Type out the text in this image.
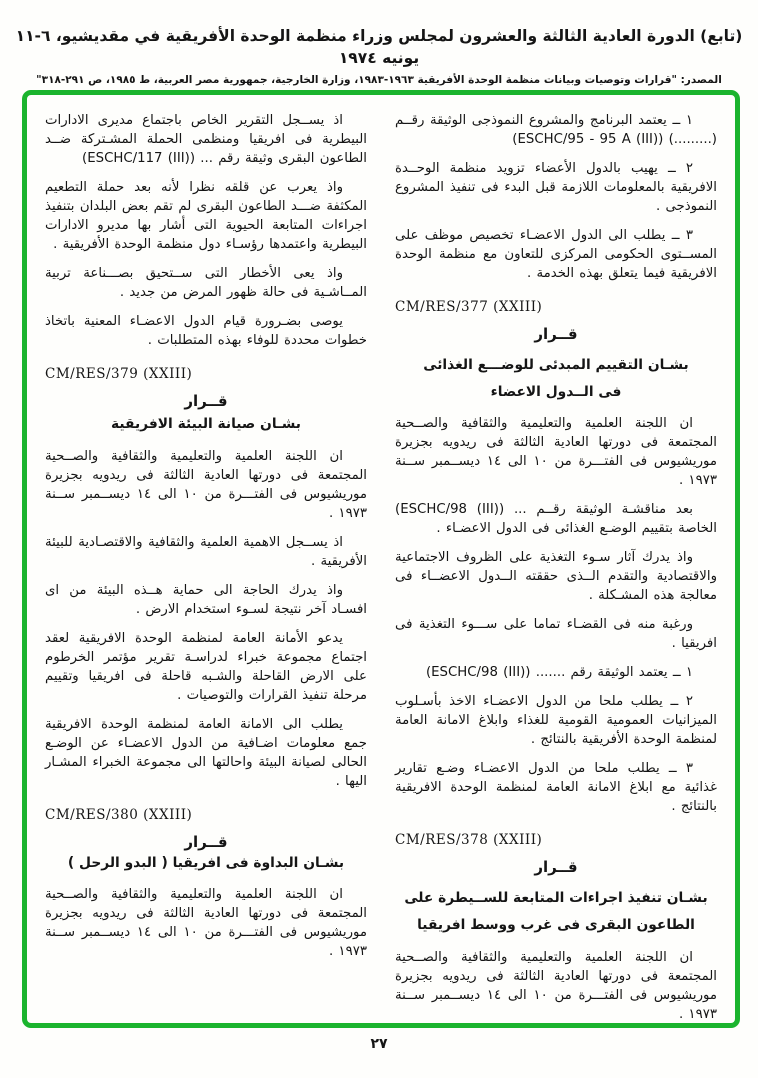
(تابع) الدورة العادية الثالثة والعشرون لمجلس وزراء منظمة الوحدة الأفريقية في مقديشيو، ٦-١١ يونيه ١٩٧٤
المصدر: "قرارات وتوصيات وبيانات منظمة الوحدة الأفريقية ١٩٦٣-١٩٨٣، وزارة الخارجية، جمهورية مصر العربية، ط ١٩٨٥، ص ٢٩١-٣١٨"

١ ــ يعتمد البرنامج والمشروع النموذجى الوثيقة رقــم (.........) ‎(ESCHC/95 - 95 A (III))‎

٢ ــ يهيب بالدول الأعضاء تزويد منظمة الوحــدة الافريقية بالمعلومات اللازمة قبل البدء فى تنفيذ المشروع النموذجى .

٣ ــ يطلب الى الدول الاعضـاء تخصيص موظف على المســتوى الحكومى المركزى للتعاون مع منظمة الوحدة الافريقية فيما يتعلق بهذه الخدمة .

CM/RES/377 (XXIII)

قــرار
بشـان التقييم المبدئى للوضـــع الغذائى
فى الــدول الاعضاء

ان اللجنة العلمية والتعليمية والثقافية والصــحية المجتمعة فى دورتها العادية الثالثة فى ريدويه بجزيرة موريشيوس فى الفتـــرة من ١٠ الى ١٤ ديســمبر ســنة ١٩٧٣ .

بعد مناقشـة الوثيقة رقــم ... ‎(ESCHC/98 (III))‎ الخاصة بتقييم الوضـع الغذائى فى الدول الاعضـاء .

واذ يدرك آثار سـوء التغذية على الظروف الاجتماعية والاقتصادية والتقدم الــذى حققته الــدول الاعضــاء فى معالجة هذه المشـكلة .

ورغبة منه فى القضـاء تماما على ســـوء التغذية فى افريقيا .

١ ــ يعتمد الوثيقة رقم ....... ‎(ESCHC/98 (III))‎

٢ ــ يطلب ملحا من الدول الاعضـاء الاخذ بأسـلوب الميزانيات العمومية القومية للغذاء وابلاغ الامانة العامة لمنظمة الوحدة الأفريقية بالنتائج .

٣ ــ يطلب ملحا من الدول الاعضـاء وضـع تقارير غذائية مع ابلاغ الامانة العامة لمنظمة الوحدة الافريقية بالنتائج .

CM/RES/378 (XXIII)

قــرار
بشـان تنفيذ اجراءات المتابعة للســيطرة على
الطاعون البقرى فى غرب ووسط افريقيا

ان اللجنة العلمية والتعليمية والثقافية والصــحية المجتمعة فى دورتها العادية الثالثة فى ريدويه بجزيرة موريشيوس فى الفتـــرة من ١٠ الى ١٤ ديســمبر ســنة ١٩٧٣ .

اذ يســجل التقرير الخاص باجتماع مديرى الادارات البيطرية فى افريقيا ومنظمى الحملة المشـتركة ضــد الطاعون البقرى وثيقة رقم ... ‎(ESCHC/117 (III))‎

واذ يعرب عن قلقه نظرا لأنه بعد حملة التطعيم المكثفة ضـــد الطاعون البقرى لم تقم بعض البلدان بتنفيذ اجراءات المتابعة الحيوية التى أشار بها مديرو الادارات البيطرية واعتمدها رؤسـاء دول منظمة الوحدة الأفريقية .

واذ يعى الأخطار التى ســتحيق بصـــناعة تربية المــاشـية فى حالة ظهور المرض من جديد .

يوصى بضـرورة قيام الدول الاعضـاء المعنية باتخاذ خطوات محددة للوفاء بهذه المتطلبات .

CM/RES/379 (XXIII)

قــرار
بشـان صيانة البيئة الافريقية

ان اللجنة العلمية والتعليمية والثقافية والصــحية المجتمعة فى دورتها العادية الثالثة فى ريدويه بجزيرة موريشيوس فى الفتـــرة من ١٠ الى ١٤ ديســمبر ســنة ١٩٧٣ .

اذ يســجل الاهمية العلمية والثقافية والاقتصـادية للبيئة الأفريقية .

واذ يدرك الحاجة الى حماية هــذه البيئة من اى افسـاد آخر نتيجة لسـوء استخدام الارض .

يدعو الأمانة العامة لمنظمة الوحدة الافريقية لعقد اجتماع مجموعة خبراء لدراسـة تقرير مؤتمر الخرطوم على الارض القاحلة والشـبه قاحلة فى افريقيا وتقييم مرحلة تنفيذ القرارات والتوصيات .

يطلب الى الامانة العامة لمنظمة الوحدة الافريقية جمع معلومات اضـافية من الدول الاعضـاء عن الوضـع الحالى لصيانة البيئة واحالتها الى مجموعة الخبراء المشـار اليها .

CM/RES/380 (XXIII)

قــرار
بشـان البداوة فى افريقيا ( البدو الرحل )

ان اللجنة العلمية والتعليمية والثقافية والصــحية المجتمعة فى دورتها العادية الثالثة فى ريدويه بجزيرة موريشيوس فى الفتـــرة من ١٠ الى ١٤ ديســمبر ســنة ١٩٧٣ .

٢٧
